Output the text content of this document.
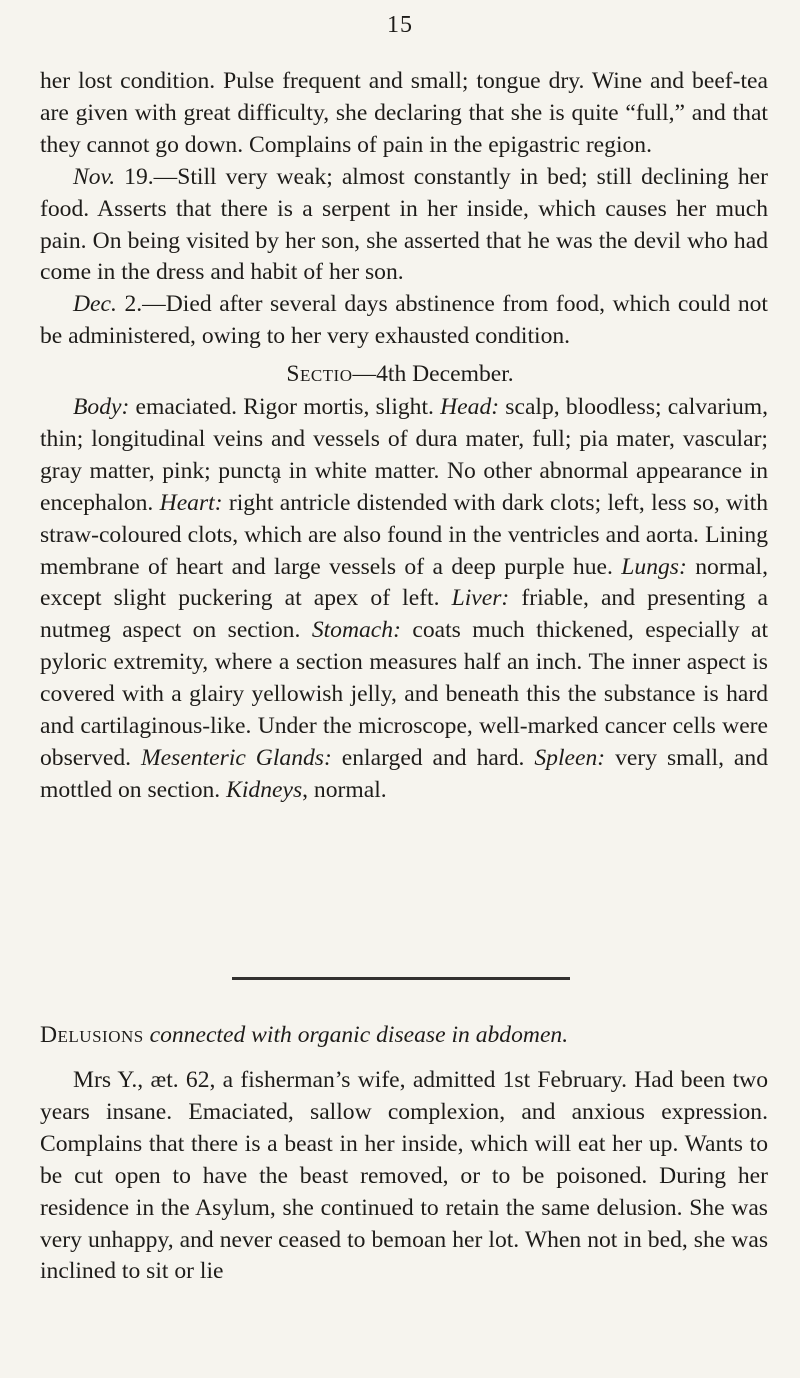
15

her lost condition. Pulse frequent and small; tongue dry. Wine and beef-tea are given with great difficulty, she declaring that she is quite “full,” and that they cannot go down. Complains of pain in the epigastric region.

Nov. 19.—Still very weak; almost constantly in bed; still declining her food. Asserts that there is a serpent in her inside, which causes her much pain. On being visited by her son, she asserted that he was the devil who had come in the dress and habit of her son.

Dec. 2.—Died after several days abstinence from food, which could not be administered, owing to her very exhausted condition.

Sectio—4th December.

Body: emaciated. Rigor mortis, slight. Head: scalp, bloodless; calvarium, thin; longitudinal veins and vessels of dura mater, full; pia mater, vascular; gray matter, pink; punctḁ in white matter. No other abnormal appearance in encephalon. Heart: right antricle distended with dark clots; left, less so, with straw-coloured clots, which are also found in the ventricles and aorta. Lining membrane of heart and large vessels of a deep purple hue. Lungs: normal, except slight puckering at apex of left. Liver: friable, and presenting a nutmeg aspect on section. Stomach: coats much thickened, especially at pyloric extremity, where a section measures half an inch. The inner aspect is covered with a glairy yellowish jelly, and beneath this the substance is hard and cartilaginous-like. Under the microscope, well-marked cancer cells were observed. Mesenteric Glands: enlarged and hard. Spleen: very small, and mottled on section. Kidneys, normal.

Delusions connected with organic disease in abdomen.

Mrs Y., æt. 62, a fisherman’s wife, admitted 1st February. Had been two years insane. Emaciated, sallow complexion, and anxious expression. Complains that there is a beast in her inside, which will eat her up. Wants to be cut open to have the beast removed, or to be poisoned. During her residence in the Asylum, she continued to retain the same delusion. She was very unhappy, and never ceased to bemoan her lot. When not in bed, she was inclined to sit or lie
